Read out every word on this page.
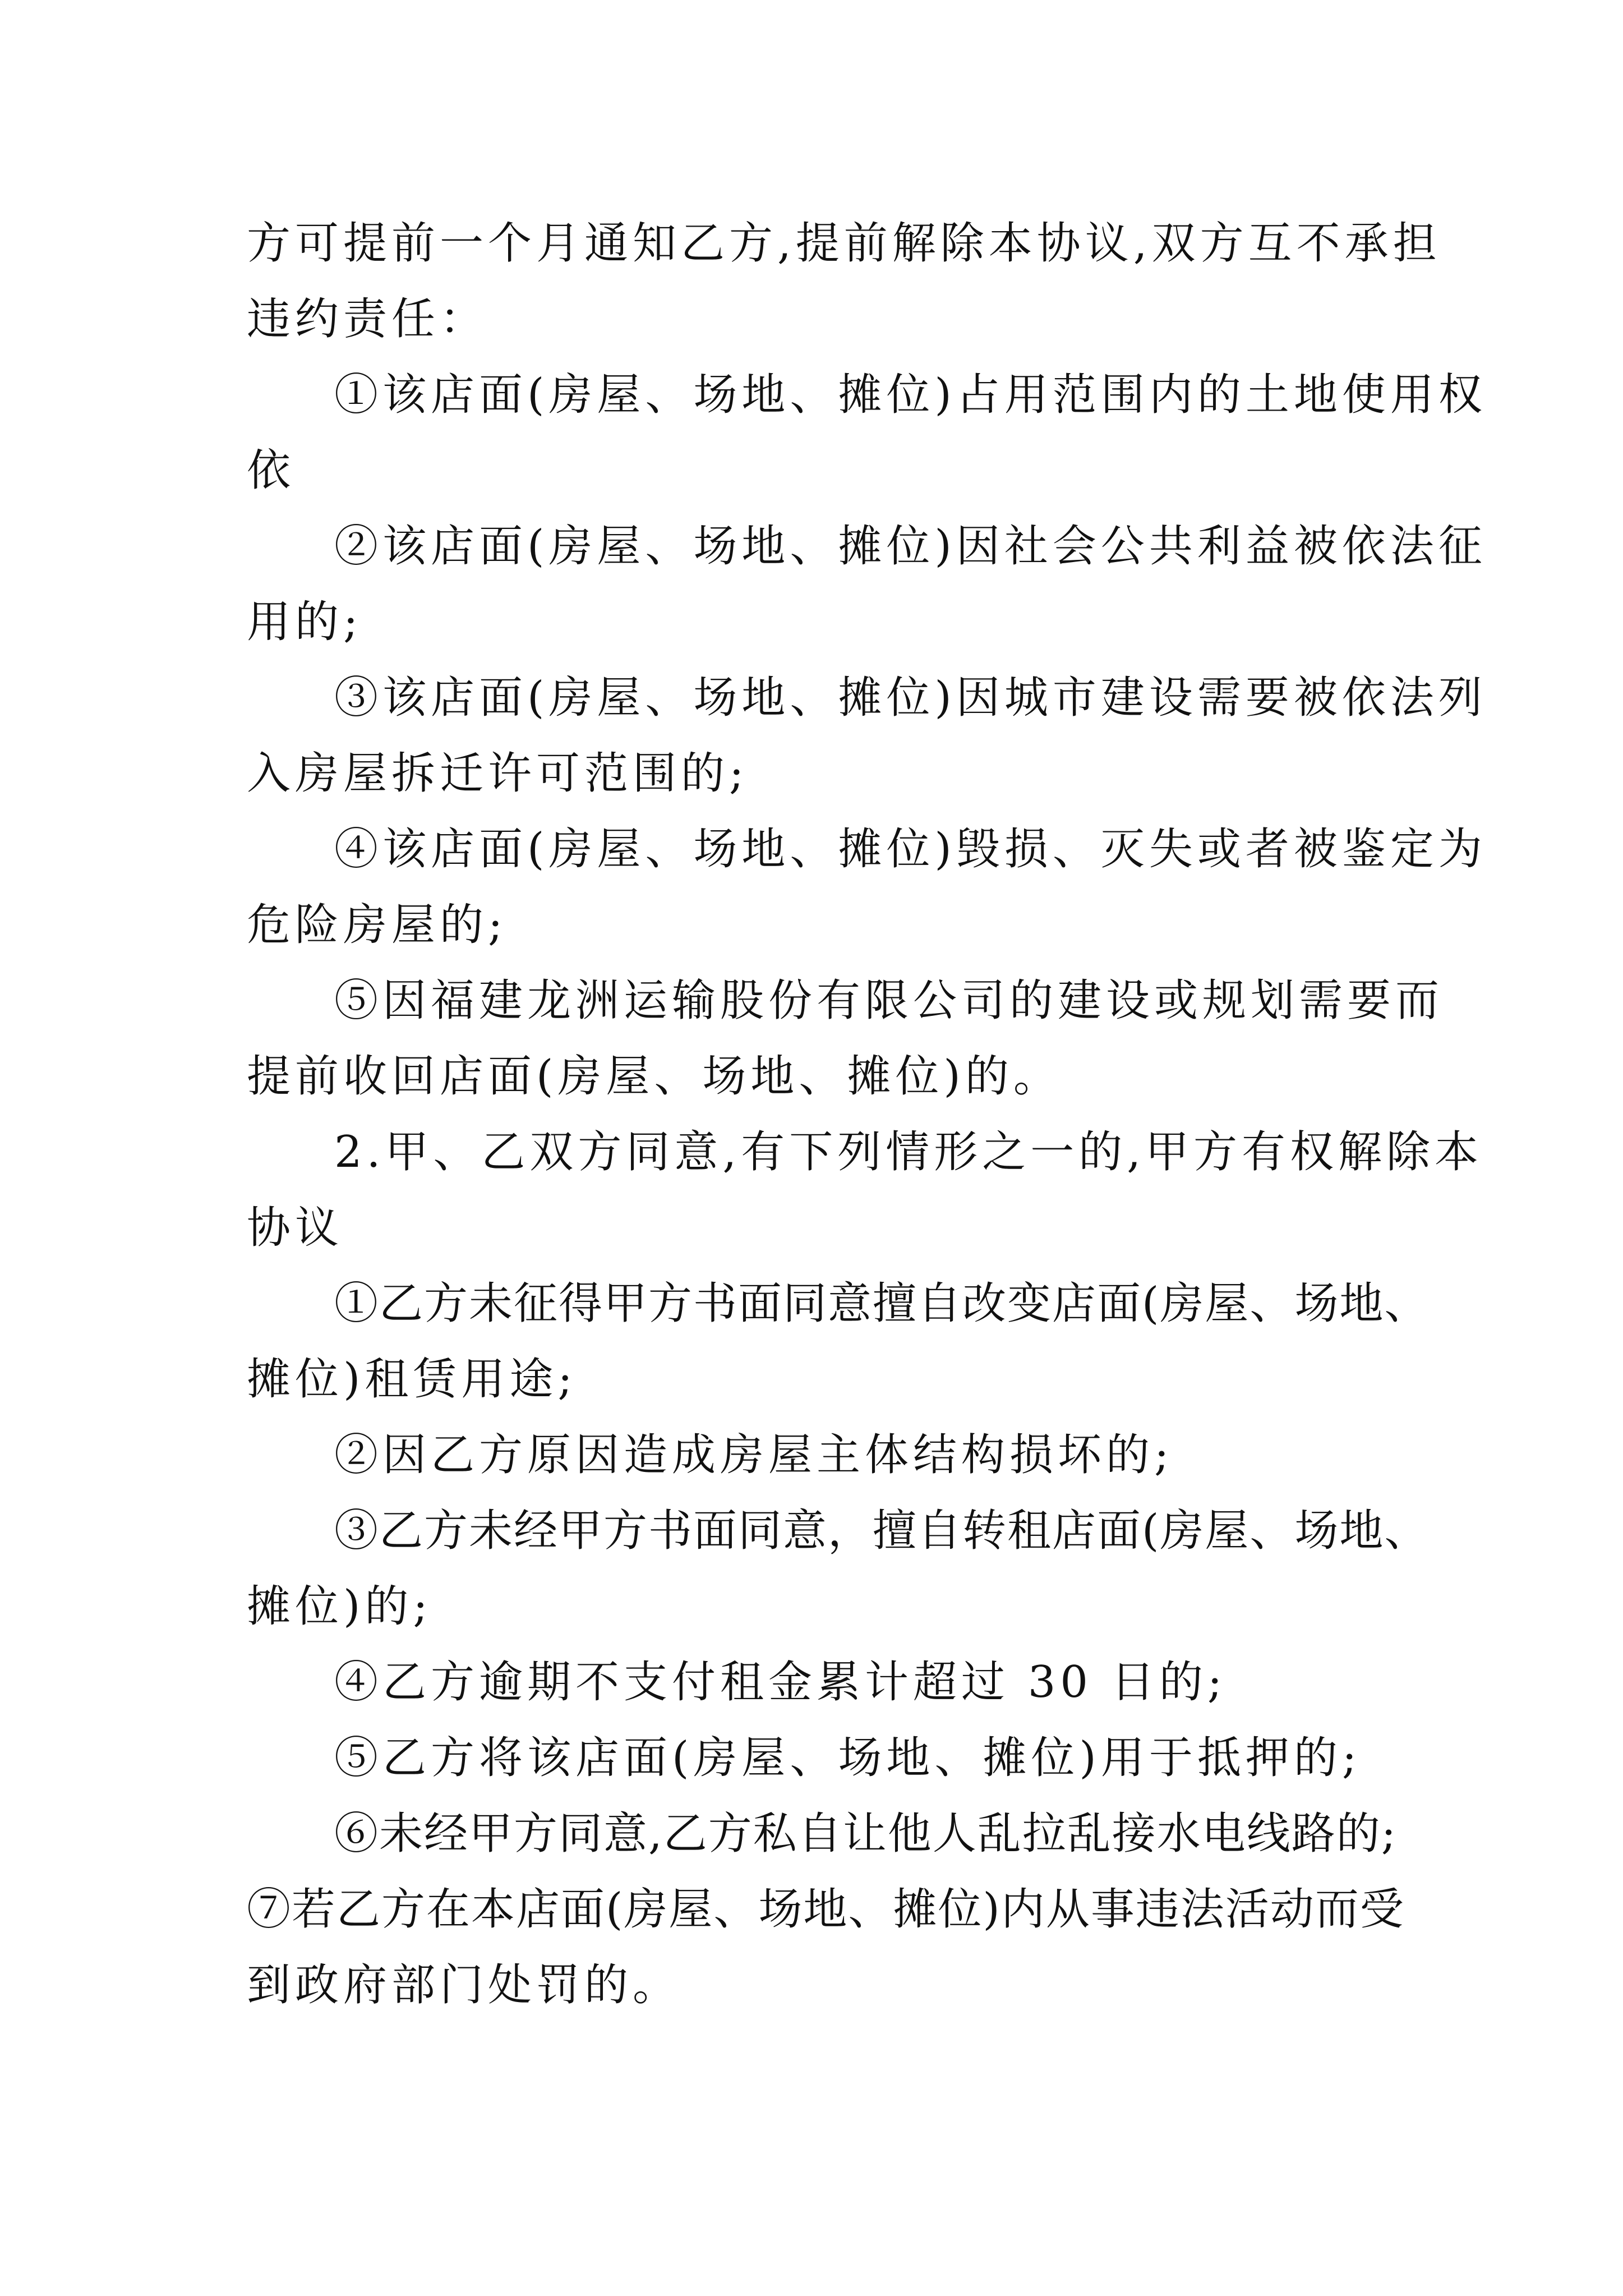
方可提前一个月通知乙方,提前解除本协议,双方互不承担

违约责任：

①该店面(房屋、场地、摊位)占用范围内的土地使用权

依

②该店面(房屋、场地、摊位)因社会公共利益被依法征

用的;

③该店面(房屋、场地、摊位)因城市建设需要被依法列

入房屋拆迁许可范围的;

④该店面(房屋、场地、摊位)毁损、灭失或者被鉴定为

危险房屋的;

⑤因福建龙洲运输股份有限公司的建设或规划需要而

提前收回店面(房屋、场地、摊位)的。

2.甲、乙双方同意,有下列情形之一的,甲方有权解除本

协议

①乙方未征得甲方书面同意擅自改变店面(房屋、场地、

摊位)租赁用途;

②因乙方原因造成房屋主体结构损坏的;

③乙方未经甲方书面同意，擅自转租店面(房屋、场地、

摊位)的;

④乙方逾期不支付租金累计超过 30 日的;

⑤乙方将该店面(房屋、场地、摊位)用于抵押的;

⑥未经甲方同意,乙方私自让他人乱拉乱接水电线路的;

⑦若乙方在本店面(房屋、场地、摊位)内从事违法活动而受

到政府部门处罚的。
